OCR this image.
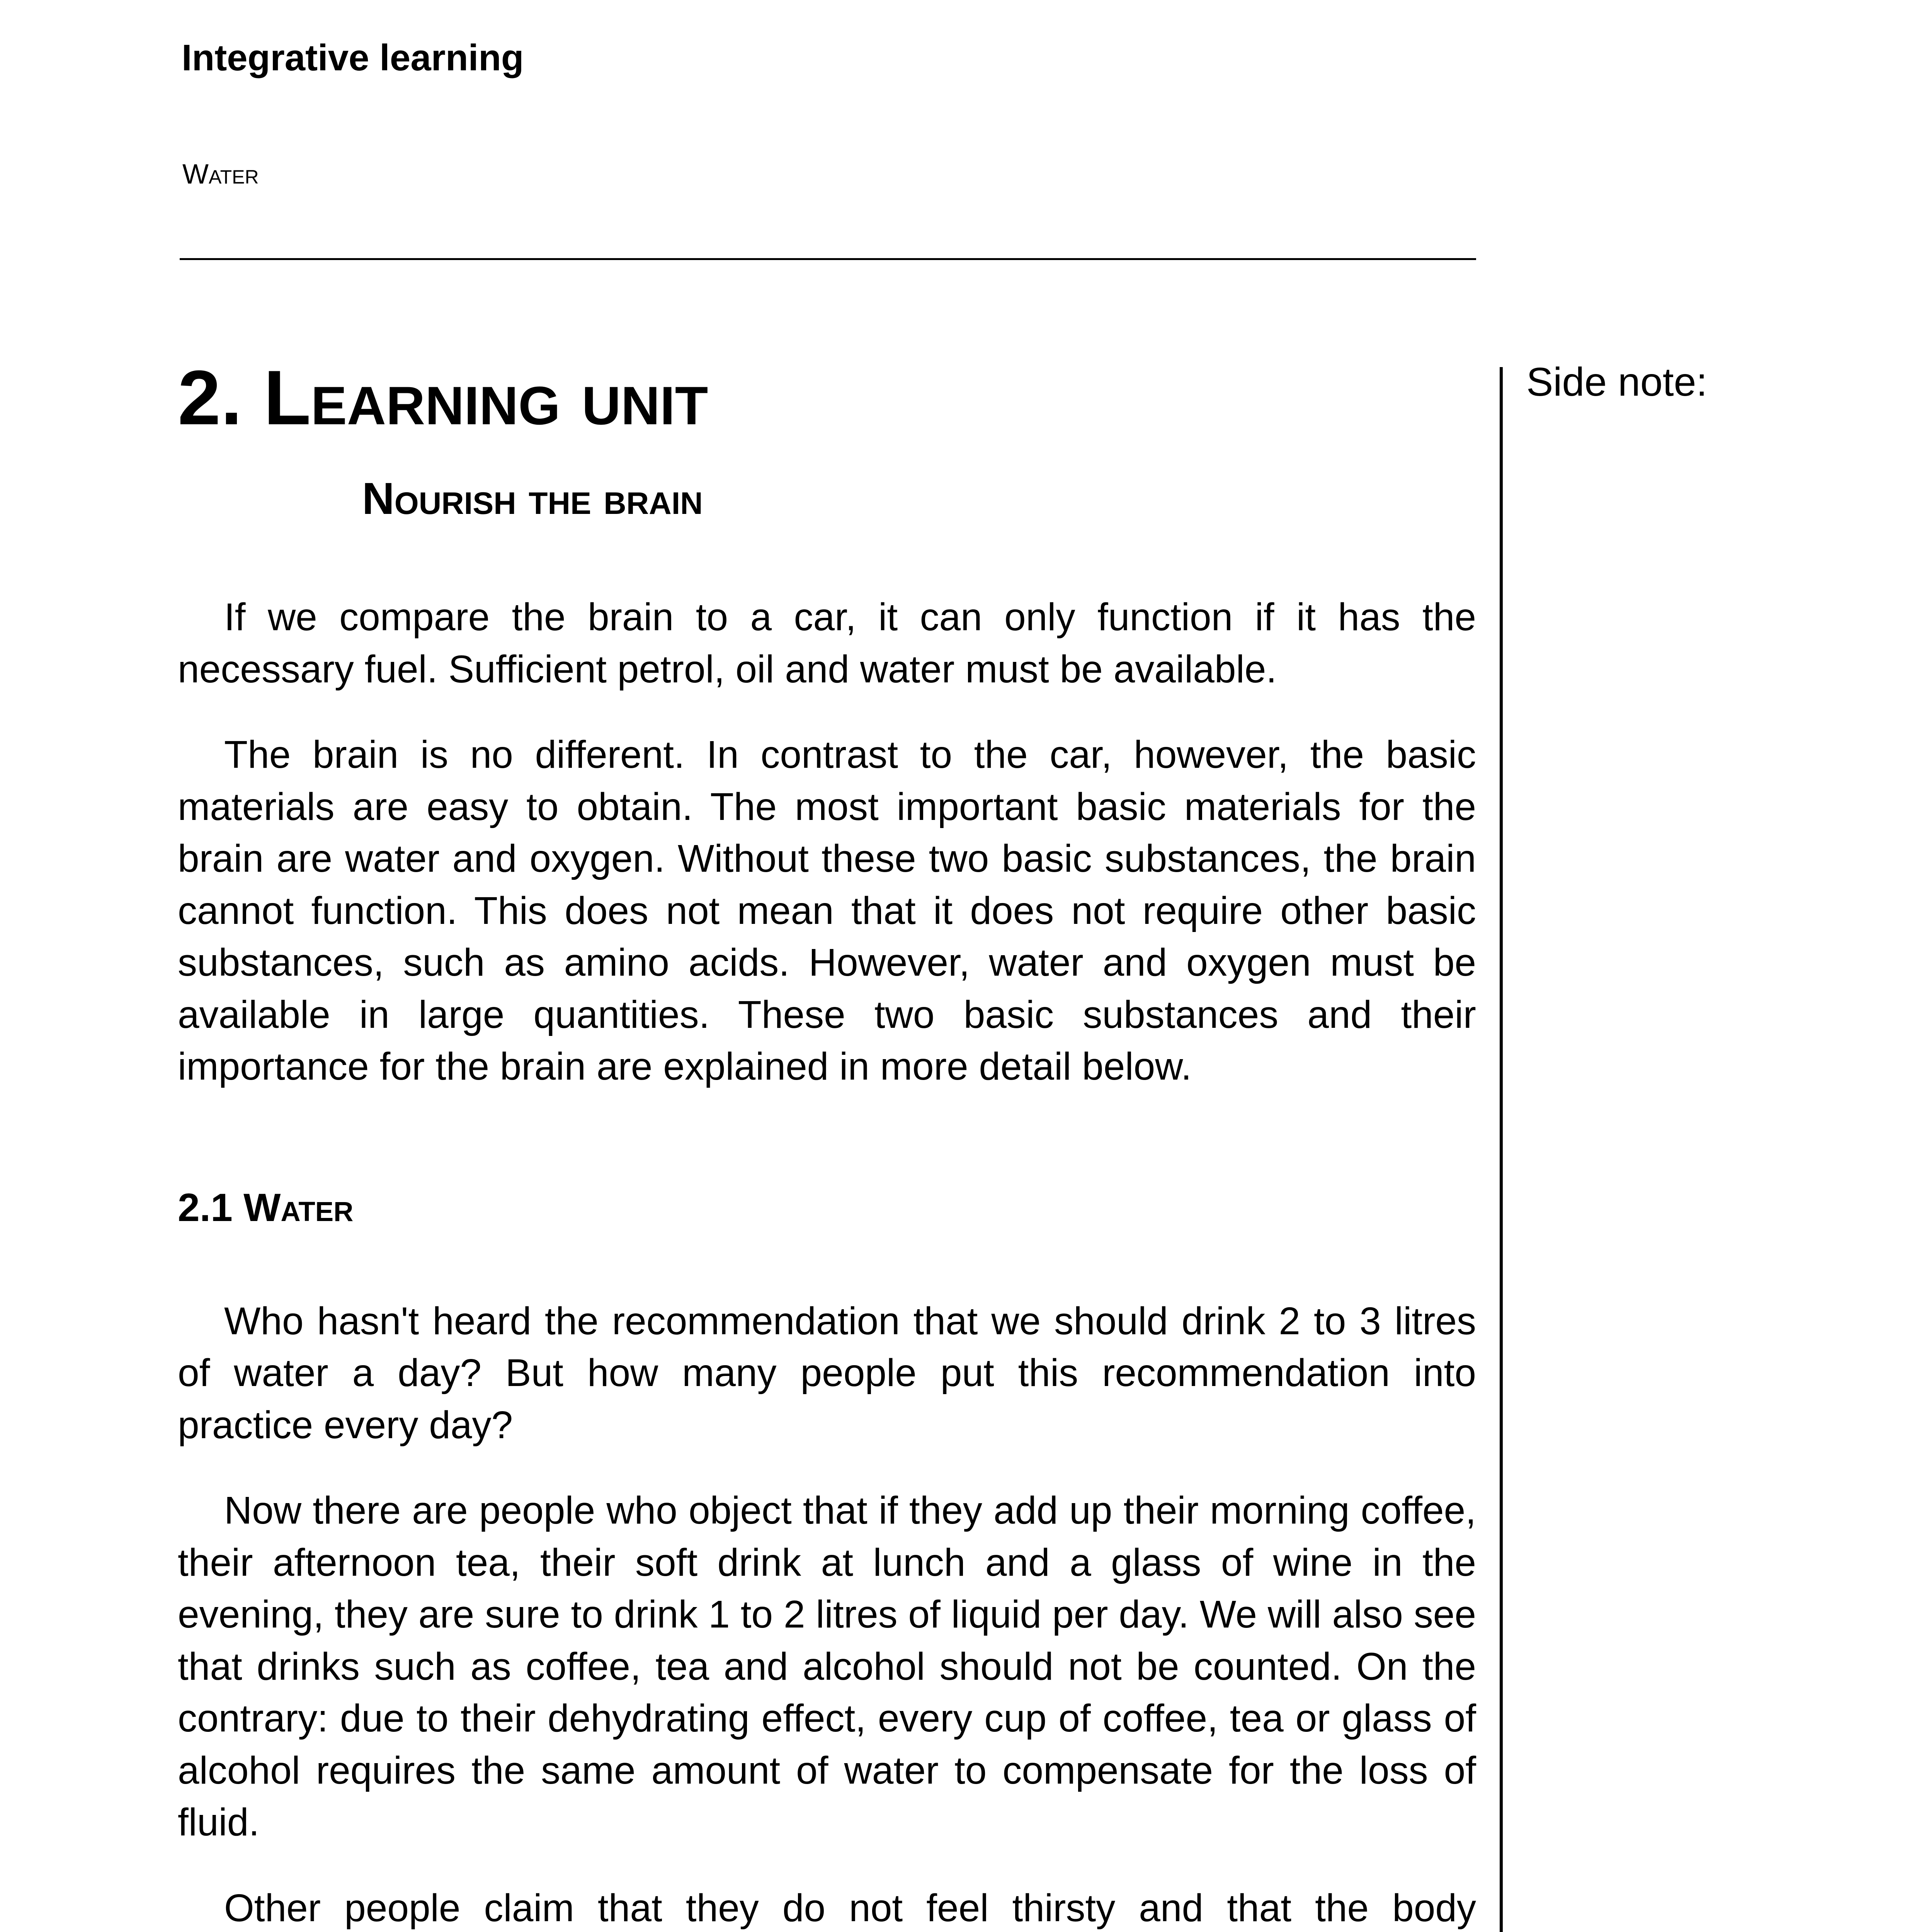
Integrative learning
Water
Side note:
2. Learning unit
Nourish the brain

If we compare the brain to a car, it can only function if it has the necessary fuel. Sufficient petrol, oil and water must be available.

The brain is no different. In contrast to the car, however, the basic materials are easy to obtain. The most important basic materials for the brain are water and oxygen. Without these two basic substances, the brain cannot function. This does not mean that it does not require other basic substances, such as amino acids. However, water and oxygen must be available in large quantities. These two basic substances and their importance for the brain are explained in more detail below.

2.1 Water

Who hasn't heard the recommendation that we should drink 2 to 3 litres of water a day? But how many people put this recommendation into practice every day?

Now there are people who object that if they add up their morning coffee, their afternoon tea, their soft drink at lunch and a glass of wine in the evening, they are sure to drink 1 to 2 litres of liquid per day. We will also see that drinks such as coffee, tea and alcohol should not be counted. On the contrary: due to their dehydrating effect, every cup of coffee, tea or glass of alcohol requires the same amount of water to compensate for the loss of fluid.

Other people claim that they do not feel thirsty and that the body
